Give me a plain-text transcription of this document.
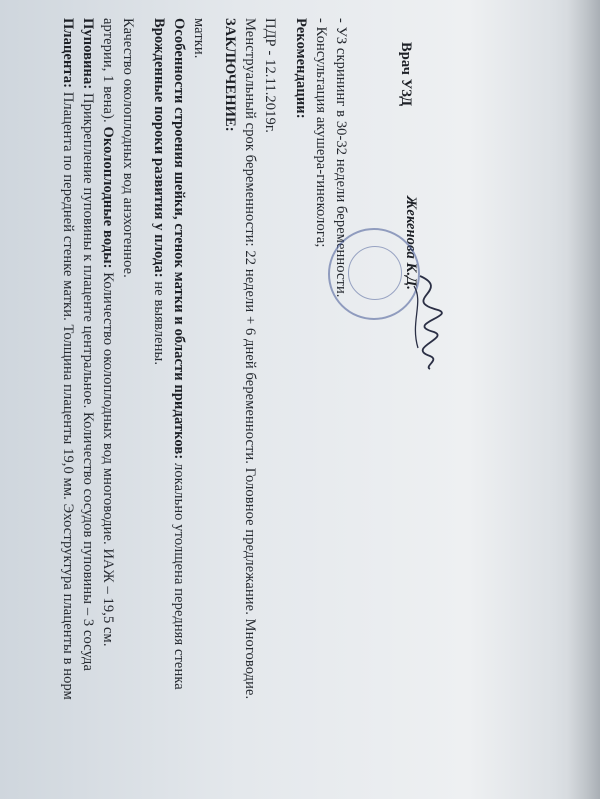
Плацента: Плацента по передней стенке матки. Толщина плаценты 19,0 мм. Эхоструктура плаценты в норм
Пуповина: Прикрепление пуповины к плаценте центральное. Количество сосудов пуповины – 3 сосуда
артерии, 1 вена). Околоплодные воды: Количество околоплодных вод многоводие. ИАЖ – 19,5 см.
Качество околоплодных вод анэхогенное. Врожденные пороки развития у плода: не выявлены. Особенности строения шейки, стенок матки и области придатков: локально утолщена передняя стенка
матки. ЗАКЛЮЧЕНИЕ: Менструальный срок беременности: 22 недели + 6 дней беременности. Головное предлежание. Многоводие. ПДР - 12.11.2019г. Рекомендации: - Консультация акушера-гинеколога; - УЗ скрининг в 30-32 недели беременности.	Врач УЗД
Жекенова К.Д.
